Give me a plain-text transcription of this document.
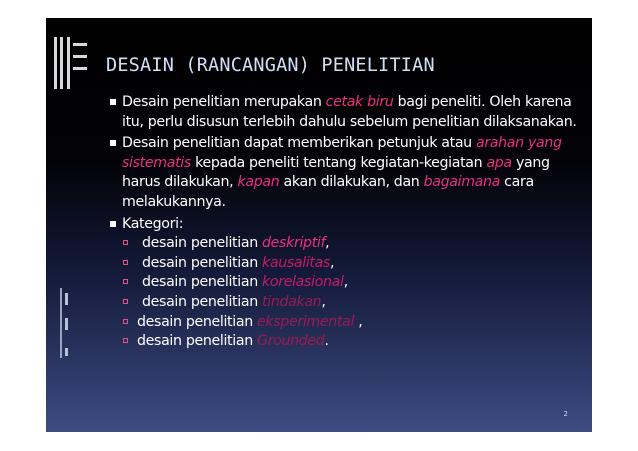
DESAIN (RANCANGAN) PENELITIAN
Desain penelitian merupakan cetak biru bagi peneliti. Oleh karena itu, perlu disusun terlebih dahulu sebelum penelitian dilaksanakan.
Desain penelitian dapat memberikan petunjuk atau arahan yang sistematis kepada peneliti tentang kegiatan-kegiatan apa yang harus dilakukan, kapan akan dilakukan, dan bagaimana cara melakukannya.
Kategori:
desain penelitian deskriptif,
desain penelitian kausalitas,
desain penelitian korelasional,
desain penelitian tindakan,
desain penelitian eksperimental ,
desain penelitian Grounded.
2
